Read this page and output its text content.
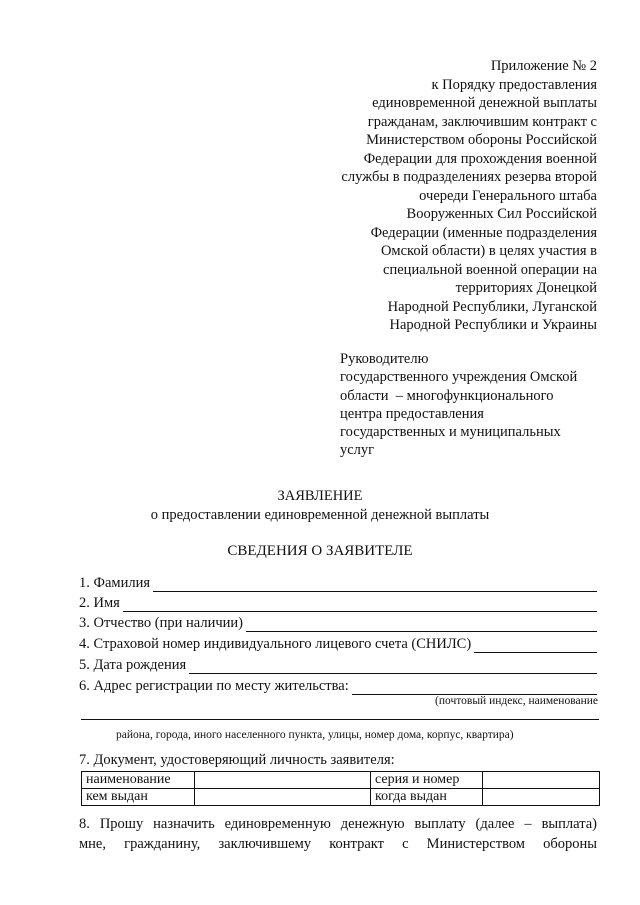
Приложение № 2
к Порядку предоставления
единовременной денежной выплаты
гражданам, заключившим контракт с
Министерством обороны Российской
Федерации для прохождения военной
службы в подразделениях резерва второй
очереди Генерального штаба
Вооруженных Сил Российской
Федерации (именные подразделения
Омской области) в целях участия в
специальной военной операции на
территориях Донецкой
Народной Республики, Луганской
Народной Республики и Украины
Руководителю
государственного учреждения Омской
области  – многофункционального
центра предоставления
государственных и муниципальных
услуг
ЗАЯВЛЕНИЕ
о предоставлении единовременной денежной выплаты
СВЕДЕНИЯ О ЗАЯВИТЕЛЕ
1. Фамилия
2. Имя
3. Отчество (при наличии)
4. Страховой номер индивидуального лицевого счета (СНИЛС)
5. Дата рождения
6. Адрес регистрации по месту жительства:
(почтовый индекс, наименование
района, города, иного населенного пункта, улицы, номер дома, корпус, квартира)
7. Документ, удостоверяющий личность заявителя:
наименование		серия и номер	
кем выдан		когда выдан	
8. Прошу назначить единовременную денежную выплату (далее – выплата)
мне, гражданину, заключившему контракт с Министерством обороны
